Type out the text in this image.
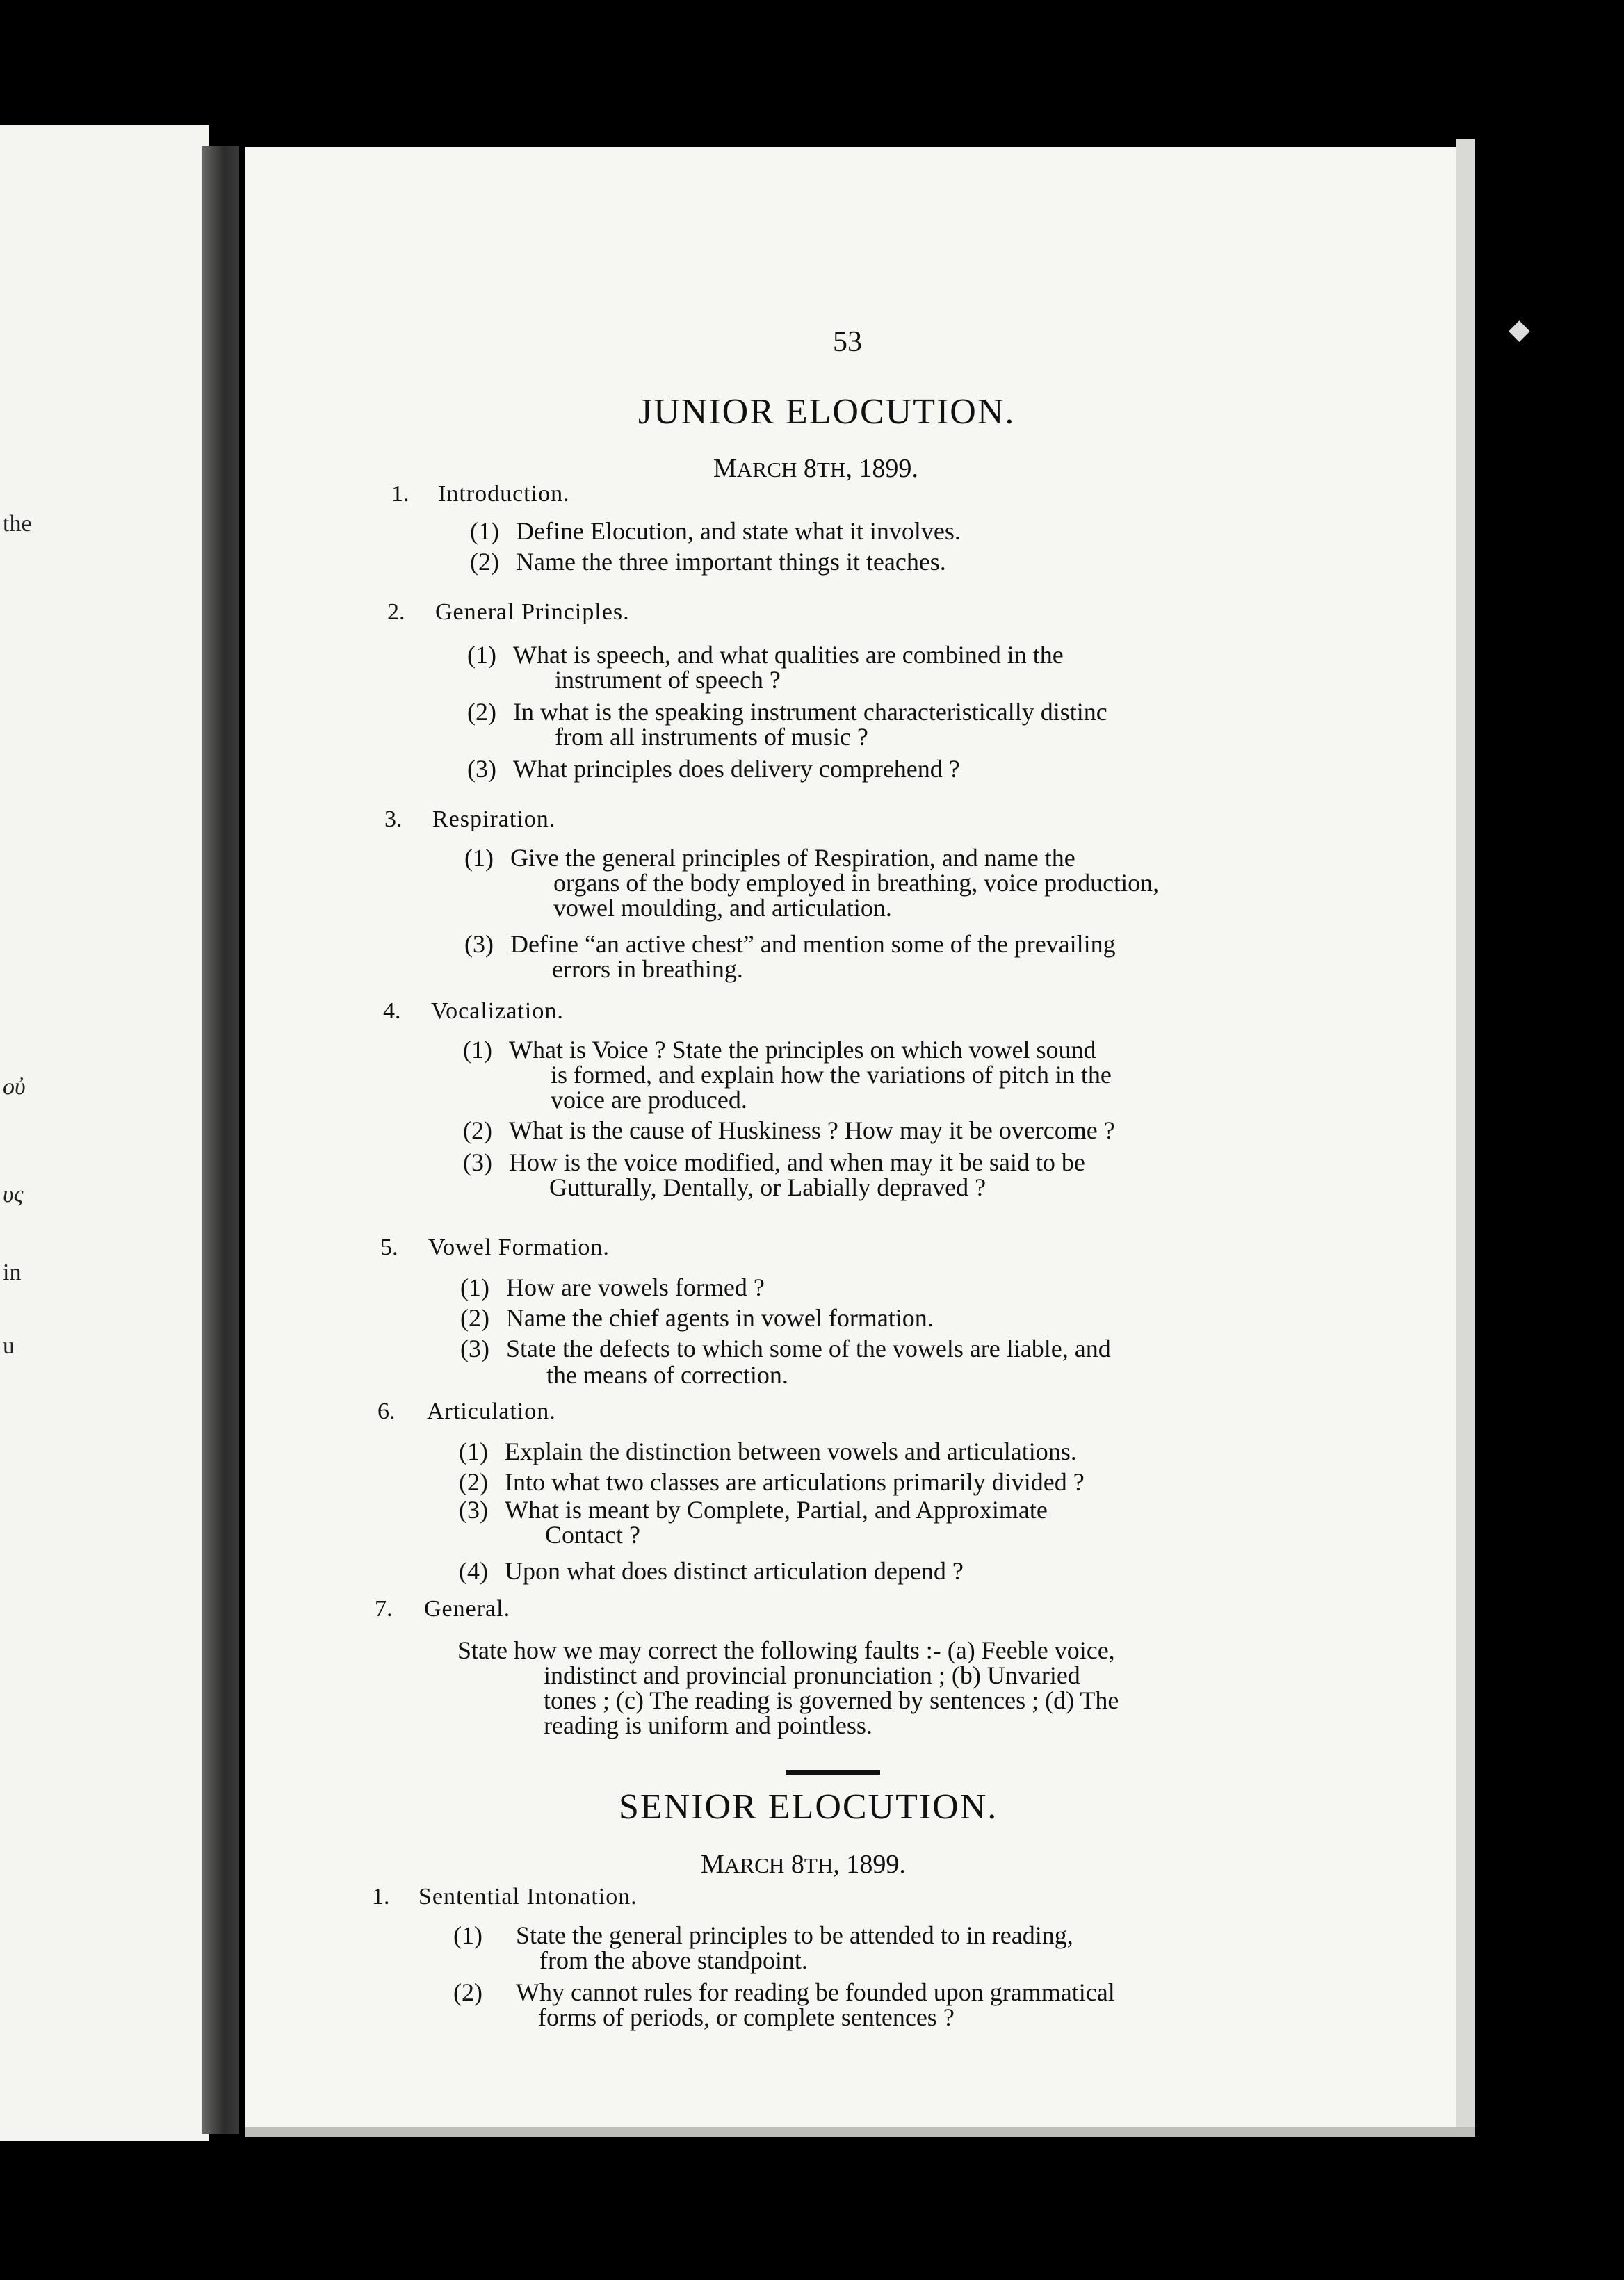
the
οὐ
υς
in
u
53
JUNIOR ELOCUTION.
MARCH 8TH, 1899.
1. Introduction.
(1) Define Elocution, and state what it involves.
(2) Name the three important things it teaches.
2. General Principles.
(1) What is speech, and what qualities are combined in the
instrument of speech ?
(2) In what is the speaking instrument characteristically distinc
from all instruments of music ?
(3) What principles does delivery comprehend ?
3. Respiration.
(1) Give the general principles of Respiration, and name the
organs of the body employed in breathing, voice production,
vowel moulding, and articulation.
(3) Define “an active chest” and mention some of the prevailing
errors in breathing.
4. Vocalization.
(1) What is Voice ? State the principles on which vowel sound
is formed, and explain how the variations of pitch in the
voice are produced.
(2) What is the cause of Huskiness ? How may it be overcome ?
(3) How is the voice modified, and when may it be said to be
Gutturally, Dentally, or Labially depraved ?
5. Vowel Formation.
(1) How are vowels formed ?
(2) Name the chief agents in vowel formation.
(3) State the defects to which some of the vowels are liable, and
the means of correction.
6. Articulation.
(1) Explain the distinction between vowels and articulations.
(2) Into what two classes are articulations primarily divided ?
(3) What is meant by Complete, Partial, and Approximate
Contact ?
(4) Upon what does distinct articulation depend ?
7. General.
State how we may correct the following faults :- (a) Feeble voice,
indistinct and provincial pronunciation ; (b) Unvaried
tones ; (c) The reading is governed by sentences ; (d) The
reading is uniform and pointless.
SENIOR ELOCUTION.
MARCH 8TH, 1899.
1. Sentential Intonation.
(1) State the general principles to be attended to in reading,
from the above standpoint.
(2) Why cannot rules for reading be founded upon grammatical
forms of periods, or complete sentences ?
◆
